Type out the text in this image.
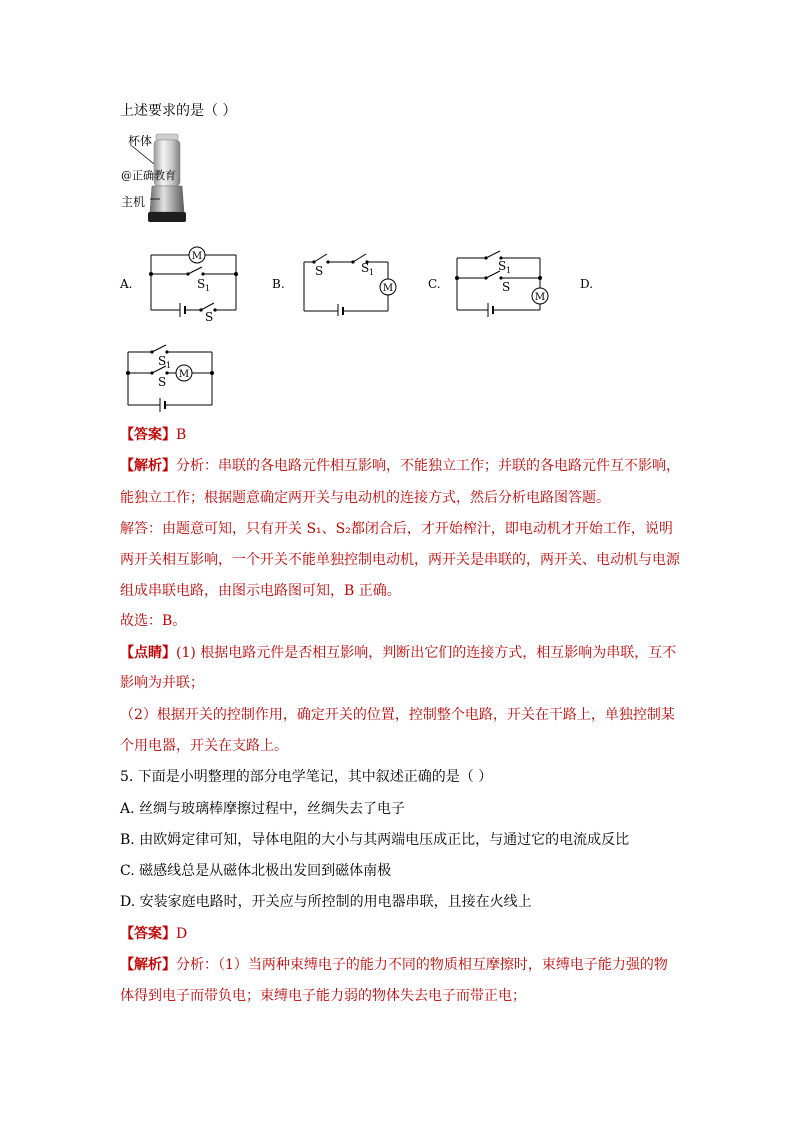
上述要求的是（ ）
杯体
@正确教育
主机
A.	B.	C.	D.
M
S 1
S
S	S 1
M
S 1
S
M
S 1
S
M
【答案】B
【解析】分析：串联的各电路元件相互影响，不能独立工作；并联的各电路元件互不影响，
能独立工作；根据题意确定两开关与电动机的连接方式，然后分析电路图答题。
解答：由题意可知，只有开关 S₁、S₂都闭合后，才开始榨汁，即电动机才开始工作，说明
两开关相互影响，一个开关不能单独控制电动机，两开关是串联的，两开关、电动机与电源
组成串联电路，由图示电路图可知，B 正确。
故选：B。
【点睛】(1) 根据电路元件是否相互影响，判断出它们的连接方式，相互影响为串联，互不
影响为并联；
（2）根据开关的控制作用，确定开关的位置，控制整个电路，开关在干路上，单独控制某
个用电器，开关在支路上。
5. 下面是小明整理的部分电学笔记，其中叙述正确的是（ ）
A. 丝绸与玻璃棒摩擦过程中，丝绸失去了电子
B. 由欧姆定律可知，导体电阻的大小与其两端电压成正比，与通过它的电流成反比
C. 磁感线总是从磁体北极出发回到磁体南极
D. 安装家庭电路时，开关应与所控制的用电器串联，且接在火线上
【答案】D
【解析】分析：（1）当两种束缚电子的能力不同的物质相互摩擦时，束缚电子能力强的物
体得到电子而带负电；束缚电子能力弱的物体失去电子而带正电；
